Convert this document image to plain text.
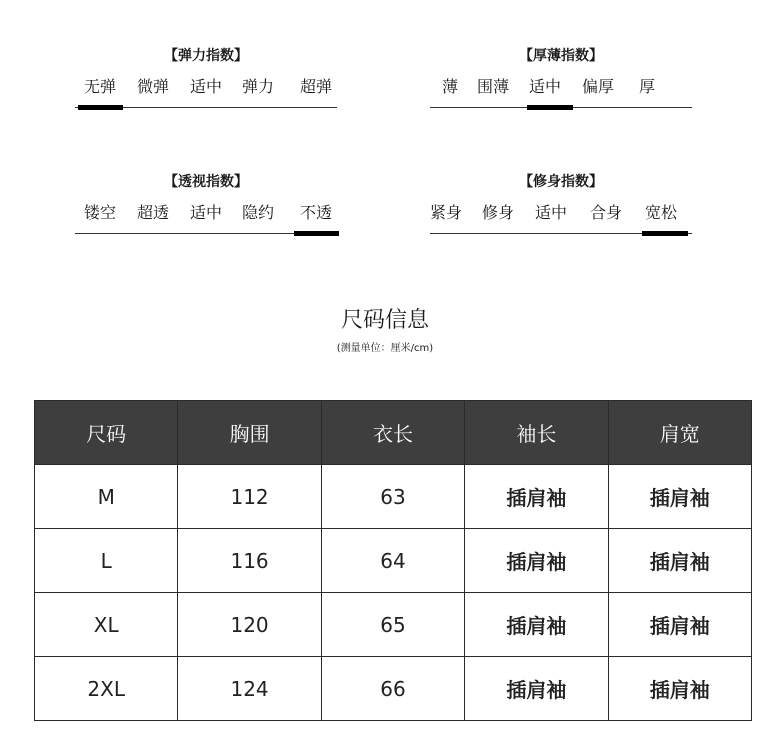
【弹力指数】
无弹 微弹 适中 弹力 超弹
【厚薄指数】
薄 围薄 适中 偏厚 厚
【透视指数】
镂空 超透 适中 隐约 不透
【修身指数】
紧身 修身 适中 合身 宽松
尺码信息
(测量单位：厘米/cm)
尺码	胸围	衣长	袖长	肩宽
M	112	63	插肩袖	插肩袖
L	116	64	插肩袖	插肩袖
XL	120	65	插肩袖	插肩袖
2XL	124	66	插肩袖	插肩袖
